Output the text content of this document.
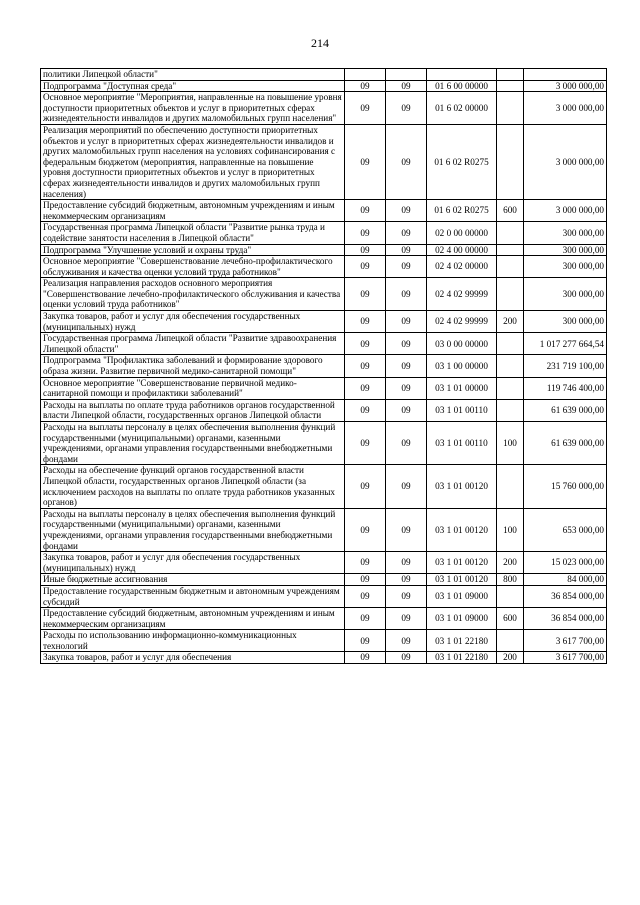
214
политики Липецкой области"					
Подпрограмма "Доступная среда"	09	09	01 6 00 00000		3 000 000,00
Основное мероприятие "Мероприятия, направленные на повышение уровня доступности приоритетных объектов и услуг в приоритетных сферах жизнедеятельности инвалидов и других маломобильных групп населения"	09	09	01 6 02 00000		3 000 000,00
Реализация мероприятий по обеспечению доступности приоритетных объектов и услуг в приоритетных сферах жизнедеятельности инвалидов и других маломобильных групп населения на условиях софинансирования с федеральным бюджетом (мероприятия, направленные на повышение уровня доступности приоритетных объектов и услуг в приоритетных сферах жизнедеятельности инвалидов и других маломобильных групп населения)	09	09	01 6 02 R0275		3 000 000,00
Предоставление субсидий бюджетным, автономным учреждениям и иным некоммерческим организациям	09	09	01 6 02 R0275	600	3 000 000,00
Государственная программа Липецкой области "Развитие рынка труда и содействие занятости населения в Липецкой области"	09	09	02 0 00 00000		300 000,00
Подпрограмма "Улучшение условий и охраны труда"	09	09	02 4 00 00000		300 000,00
Основное мероприятие "Совершенствование лечебно-профилактического обслуживания и качества оценки условий труда работников"	09	09	02 4 02 00000		300 000,00
Реализация направления расходов основного мероприятия "Совершенствование лечебно-профилактического обслуживания и качества оценки условий труда работников"	09	09	02 4 02 99999		300 000,00
Закупка товаров, работ и услуг для обеспечения государственных (муниципальных) нужд	09	09	02 4 02 99999	200	300 000,00
Государственная программа Липецкой области "Развитие здравоохранения Липецкой области"	09	09	03 0 00 00000		1 017 277 664,54
Подпрограмма "Профилактика заболеваний и формирование здорового образа жизни. Развитие первичной медико-санитарной помощи"	09	09	03 1 00 00000		231 719 100,00
Основное мероприятие "Совершенствование первичной медико-санитарной помощи и профилактики заболеваний"	09	09	03 1 01 00000		119 746 400,00
Расходы на выплаты по оплате труда работников органов государственной власти Липецкой области, государственных органов Липецкой области	09	09	03 1 01 00110		61 639 000,00
Расходы на выплаты персоналу в целях обеспечения выполнения функций государственными (муниципальными) органами, казенными учреждениями, органами управления государственными внебюджетными фондами	09	09	03 1 01 00110	100	61 639 000,00
Расходы на обеспечение функций органов государственной власти Липецкой области, государственных органов Липецкой области (за исключением расходов на выплаты по оплате труда работников указанных органов)	09	09	03 1 01 00120		15 760 000,00
Расходы на выплаты персоналу в целях обеспечения выполнения функций государственными (муниципальными) органами, казенными учреждениями, органами управления государственными внебюджетными фондами	09	09	03 1 01 00120	100	653 000,00
Закупка товаров, работ и услуг для обеспечения государственных (муниципальных) нужд	09	09	03 1 01 00120	200	15 023 000,00
Иные бюджетные ассигнования	09	09	03 1 01 00120	800	84 000,00
Предоставление государственным бюджетным и автономным учреждениям субсидий	09	09	03 1 01 09000		36 854 000,00
Предоставление субсидий бюджетным, автономным учреждениям и иным некоммерческим организациям	09	09	03 1 01 09000	600	36 854 000,00
Расходы по использованию информационно-коммуникационных технологий	09	09	03 1 01 22180		3 617 700,00
Закупка товаров, работ и услуг для обеспечения	09	09	03 1 01 22180	200	3 617 700,00
